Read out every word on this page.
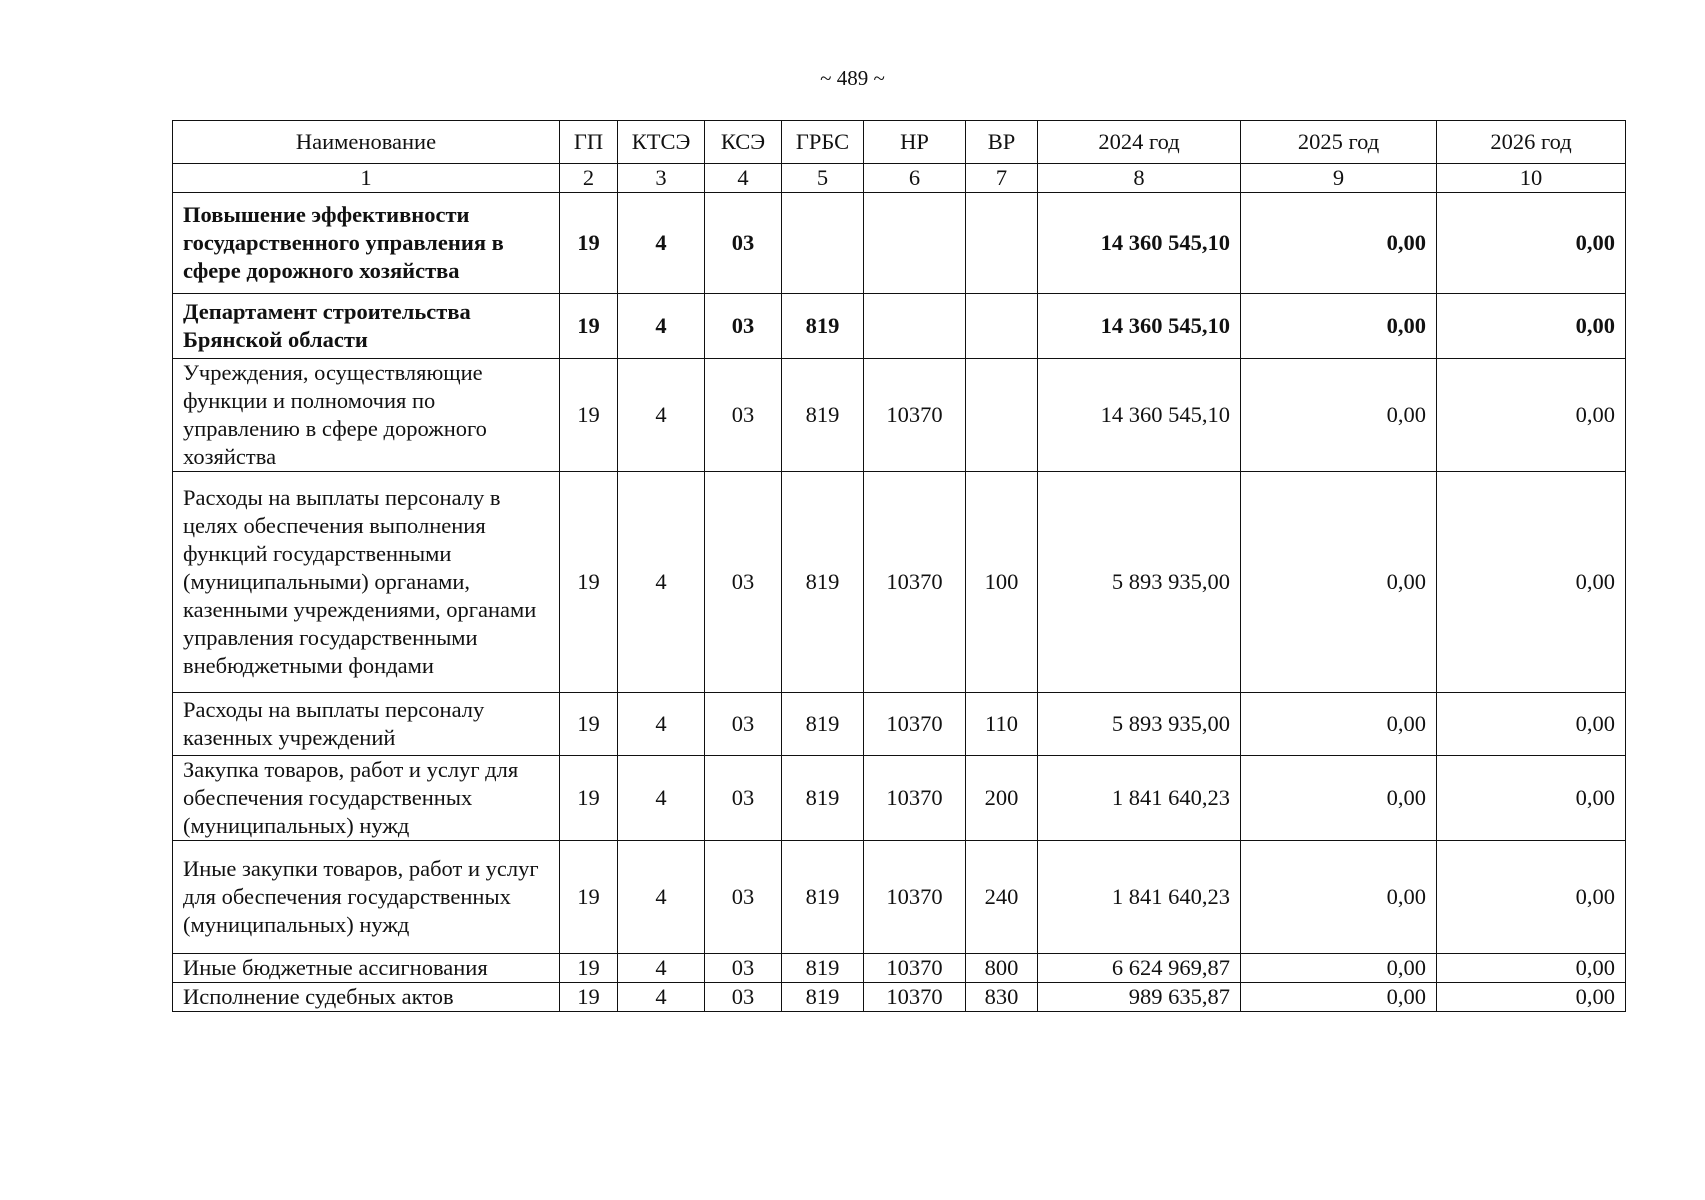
~ 489 ~
Наименование	ГП	КТСЭ	КСЭ	ГРБС	НР	ВР	2024 год	2025 год	2026 год
1	2	3	4	5	6	7	8	9	10
Повышение эффективности государственного управления в сфере дорожного хозяйства	19	4	03				14 360 545,10	0,00	0,00
Департамент строительства Брянской области	19	4	03	819			14 360 545,10	0,00	0,00
Учреждения, осуществляющие функции и полномочия по управлению в сфере дорожного хозяйства	19	4	03	819	10370		14 360 545,10	0,00	0,00
Расходы на выплаты персоналу в целях обеспечения выполнения функций государственными (муниципальными) органами, казенными учреждениями, органами управления государственными внебюджетными фондами	19	4	03	819	10370	100	5 893 935,00	0,00	0,00
Расходы на выплаты персоналу казенных учреждений	19	4	03	819	10370	110	5 893 935,00	0,00	0,00
Закупка товаров, работ и услуг для обеспечения государственных (муниципальных) нужд	19	4	03	819	10370	200	1 841 640,23	0,00	0,00
Иные закупки товаров, работ и услуг для обеспечения государственных (муниципальных) нужд	19	4	03	819	10370	240	1 841 640,23	0,00	0,00
Иные бюджетные ассигнования	19	4	03	819	10370	800	6 624 969,87	0,00	0,00
Исполнение судебных актов	19	4	03	819	10370	830	989 635,87	0,00	0,00
